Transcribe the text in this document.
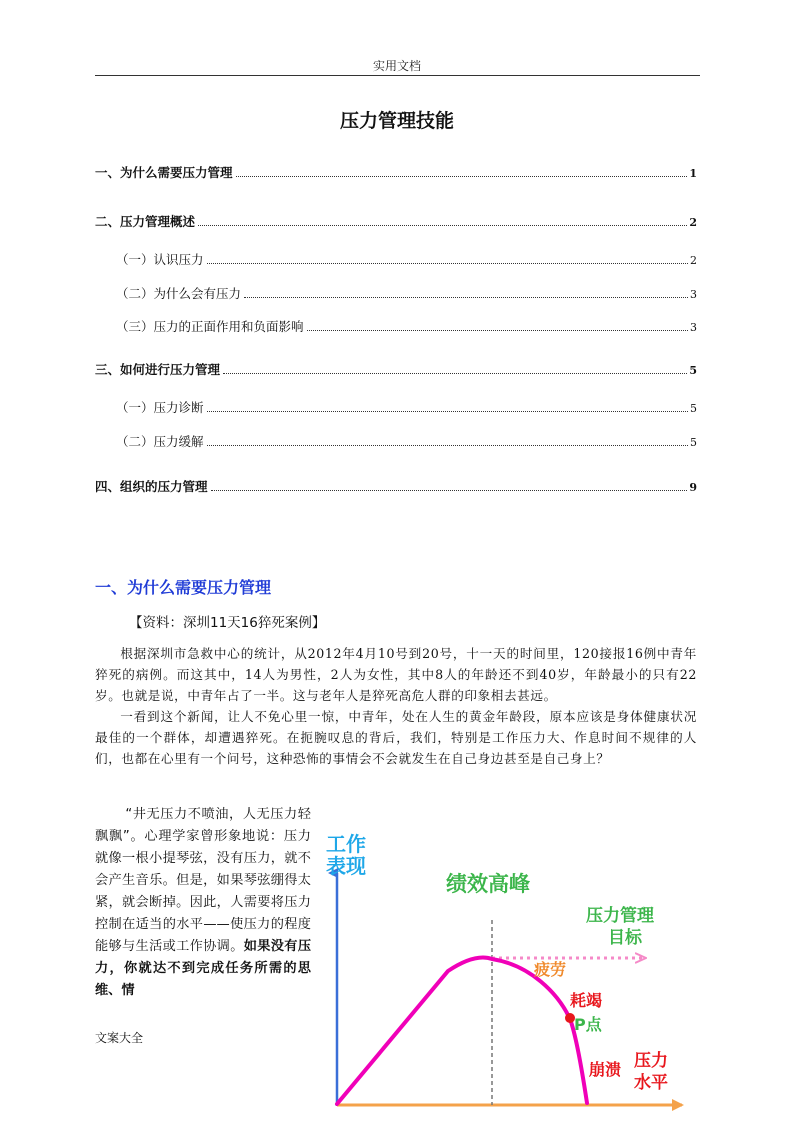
实用文档
压力管理技能
一、为什么需要压力管理	1
二、压力管理概述	2
（一）认识压力	2
（二）为什么会有压力	3
（三）压力的正面作用和负面影响	3
三、如何进行压力管理	5
（一）压力诊断	5
（二）压力缓解	5
四、组织的压力管理	9
一、为什么需要压力管理
【资料：深圳11天16猝死案例】
根据深圳市急救中心的统计，从2012年4月10号到20号，十一天的时间里，120接报16例中青年猝死的病例。而这其中，14人为男性，2人为女性，其中8人的年龄还不到40岁，年龄最小的只有22岁。也就是说，中青年占了一半。这与老年人是猝死高危人群的印象相去甚远。
一看到这个新闻，让人不免心里一惊，中青年，处在人生的黄金年龄段，原本应该是身体健康状况最佳的一个群体，却遭遇猝死。在扼腕叹息的背后，我们，特别是工作压力大、作息时间不规律的人们，也都在心里有一个问号，这种恐怖的事情会不会就发生在自己身边甚至是自己身上？
“井无压力不喷油，人无压力轻飘飘”。心理学家曾形象地说：压力就像一根小提琴弦，没有压力，就不会产生音乐。但是，如果琴弦绷得太紧，就会断掉。因此，人需要将压力控制在适当的水平——使压力的程度能够与生活或工作协调。如果没有压力，你就达不到完成任务所需的思维、情
工作
表现
绩效高峰
压力管理
目标
疲劳
耗竭
P点
崩溃 压力
水平
文案大全
